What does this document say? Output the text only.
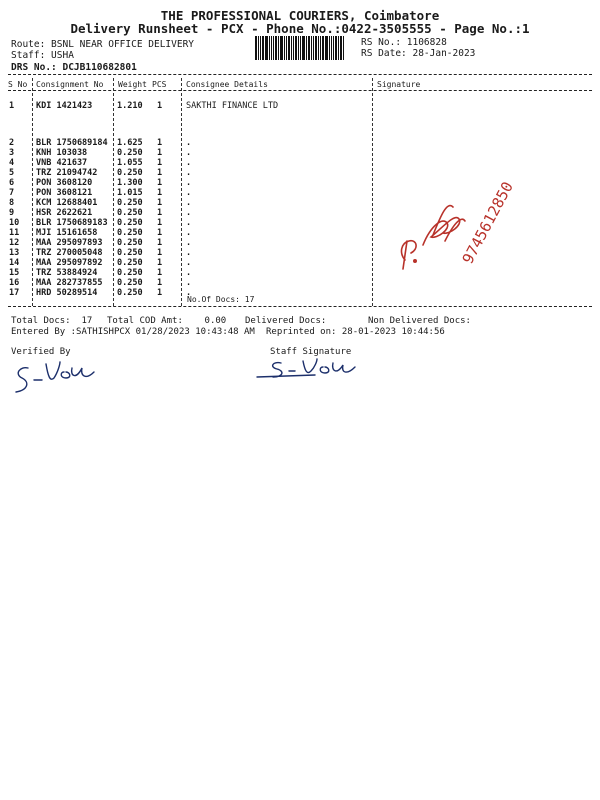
THE PROFESSIONAL COURIERS, Coimbatore
Delivery Runsheet - PCX - Phone No.:0422-3505555 - Page No.:1
Route: BSNL NEAR OFFICE DELIVERY
Staff: USHA
DRS No.: DCJB110682801
RS No.: 1106828
RS Date: 28-Jan-2023
S No Consignment No Weight PCS Consignee Details	Signature
1	KDI 1421423	1.210 1	SAKTHI FINANCE LTD
2	BLR 1750689184 1.625 1	.
3	KNH 103038	0.250 1	.
4	VNB 421637	1.055 1	.
5	TRZ 21094742 0.250 1	.
6	PON 3608120	1.300 1	.
7	PON 3608121	1.015 1	.
8	KCM 12688401 0.250 1	.
9	HSR 2622621	0.250 1	.
10 BLR 1750689183 0.250 1	.
11 MJI 15161658 0.250 1	.
12 MAA 295097893 0.250 1	.
13 TRZ 270005048 0.250 1	.
14 MAA 295097892 0.250 1	.
15 TRZ 53884924 0.250 1	.
16 MAA 282737855 0.250 1	.
17 HRD 50289514 0.250 1	.
No.Of Docs: 17
9745612850
Total Docs:  17 Total COD Amt:    0.00 Delivered Docs:	Non Delivered Docs:
Entered By :SATHISHPCX 01/28/2023 10:43:48 AM Reprinted on: 28-01-2023 10:44:56
Verified By	Staff Signature
